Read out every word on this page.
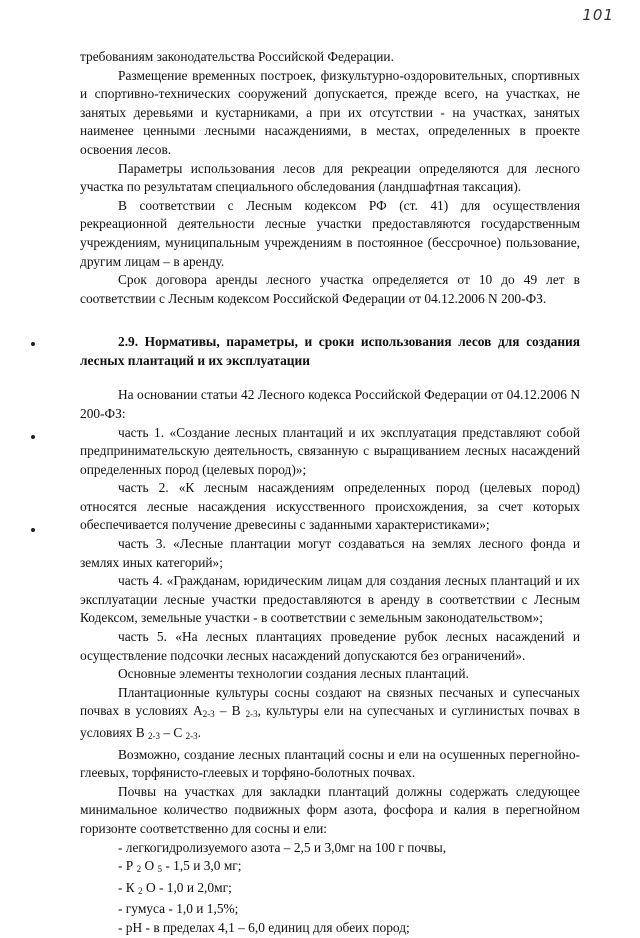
101

требованиям законодательства Российской Федерации.

Размещение временных построек, физкультурно-оздоровительных, спортивных и спортивно-технических сооружений допускается, прежде всего, на участках, не занятых деревьями и кустарниками, а при их отсутствии - на участках, занятых наименее ценными лесными насаждениями, в местах, определенных в проекте освоения лесов.

Параметры использования лесов для рекреации определяются для лесного участка по результатам специального обследования (ландшафтная таксация).

В соответствии с Лесным кодексом РФ (ст. 41) для осуществления рекреационной деятельности лесные участки предоставляются государственным учреждениям, муниципальным учреждениям в постоянное (бессрочное) пользование, другим лицам – в аренду.

Срок договора аренды лесного участка определяется от 10 до 49 лет в соответствии с Лесным кодексом Российской Федерации от 04.12.2006 N 200-ФЗ.

2.9. Нормативы, параметры, и сроки использования лесов для создания лесных плантаций и их эксплуатации

На основании статьи 42 Лесного кодекса Российской Федерации от 04.12.2006 N 200-ФЗ:

часть 1. «Создание лесных плантаций и их эксплуатация представляют собой предпринимательскую деятельность, связанную с выращиванием лесных насаждений определенных пород (целевых пород)»;

часть 2. «К лесным насаждениям определенных пород (целевых пород) относятся лесные насаждения искусственного происхождения, за счет которых обеспечивается получение древесины с заданными характеристиками»;

часть 3. «Лесные плантации могут создаваться на землях лесного фонда и землях иных категорий»;

часть 4. «Гражданам, юридическим лицам для создания лесных плантаций и их эксплуатации лесные участки предоставляются в аренду в соответствии с Лесным Кодексом, земельные участки - в соответствии с земельным законодательством»;

часть 5. «На лесных плантациях проведение рубок лесных насаждений и осуществление подсочки лесных насаждений допускаются без ограничений».

Основные элементы технологии создания лесных плантаций.

Плантационные культуры сосны создают на связных песчаных и супесчаных почвах в условиях $А_{2-3}$ – В $_{2-3}$, культуры ели на супесчаных и суглинистых почвах в условиях В $_{2-3}$ – С $_{2-3}$.

Возможно, создание лесных плантаций сосны и ели на осушенных перегнойно-глеевых, торфянисто-глеевых и торфяно-болотных почвах.

Почвы на участках для закладки плантаций должны содержать следующее минимальное количество подвижных форм азота, фосфора и калия в перегнойном горизонте соответственно для сосны и ели:

- легкогидролизуемого азота – 2,5 и 3,0мг на 100 г почвы,

- Р $_2$ О $_5$ - 1,5 и 3,0 мг;

- К $_2$ О - 1,0 и 2,0мг;

- гумуса - 1,0 и 1,5%;

- рН - в пределах 4,1 – 6,0 единиц для обеих пород;
